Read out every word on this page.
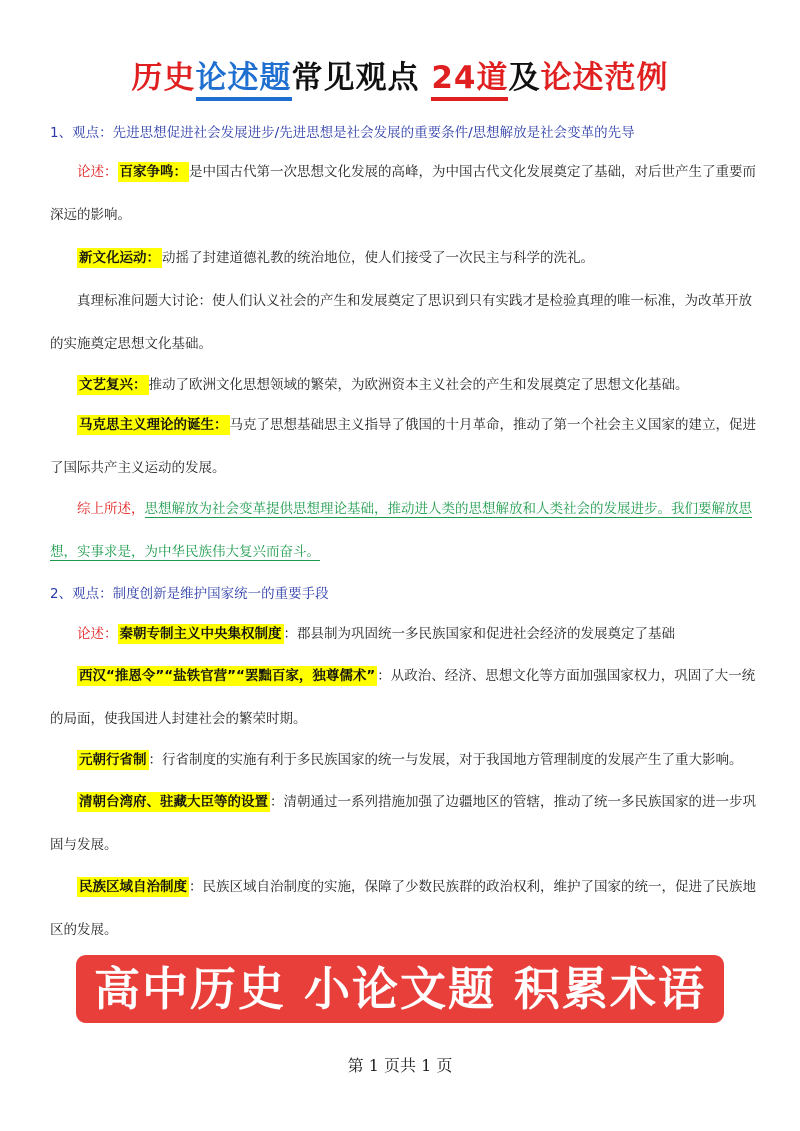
历史论述题常见观点 24道及论述范例
1、观点：先进思想促进社会发展进步/先进思想是社会发展的重要条件/思想解放是社会变革的先导
论述： 百家争鸣： 是中国古代第一次思想文化发展的高峰，为中国古代文化发展奠定了基础，对后世产生了重要而深远的影响。
新文化运动： 动摇了封建道德礼教的统治地位，使人们接受了一次民主与科学的洗礼。
真理标准问题大讨论：使人们认义社会的产生和发展奠定了思识到只有实践才是检验真理的唯一标准，为改革开放的实施奠定思想文化基础。
文艺复兴： 推动了欧洲文化思想领域的繁荣，为欧洲资本主义社会的产生和发展奠定了思想文化基础。
马克思主义理论的诞生： 马克了思想基础思主义指导了俄国的十月革命，推动了第一个社会主义国家的建立，促进了国际共产主义运动的发展。
综上所述，思想解放为社会变革提供思想理论基础，推动进人类的思想解放和人类社会的发展进步。我们要解放思想，实事求是，为中华民族伟大复兴而奋斗。
2、观点：制度创新是维护国家统一的重要手段
论述： 秦朝专制主义中央集权制度 ：郡县制为巩固统一多民族国家和促进社会经济的发展奠定了基础
西汉“推恩令”“盐铁官营”“罢黜百家，独尊儒术” ：从政治、经济、思想文化等方面加强国家权力，巩固了大一统的局面，使我国进人封建社会的繁荣时期。
元朝行省制 ：行省制度的实施有利于多民族国家的统一与发展，对于我国地方管理制度的发展产生了重大影响。
清朝台湾府、驻藏大臣等的设置 ：清朝通过一系列措施加强了边疆地区的管辖，推动了统一多民族国家的进一步巩固与发展。
民族区域自治制度 ：民族区域自治制度的实施，保障了少数民族群的政治权利，维护了国家的统一，促进了民族地区的发展。
高中历史 小论文题 积累术语
第 1 页共 1 页
